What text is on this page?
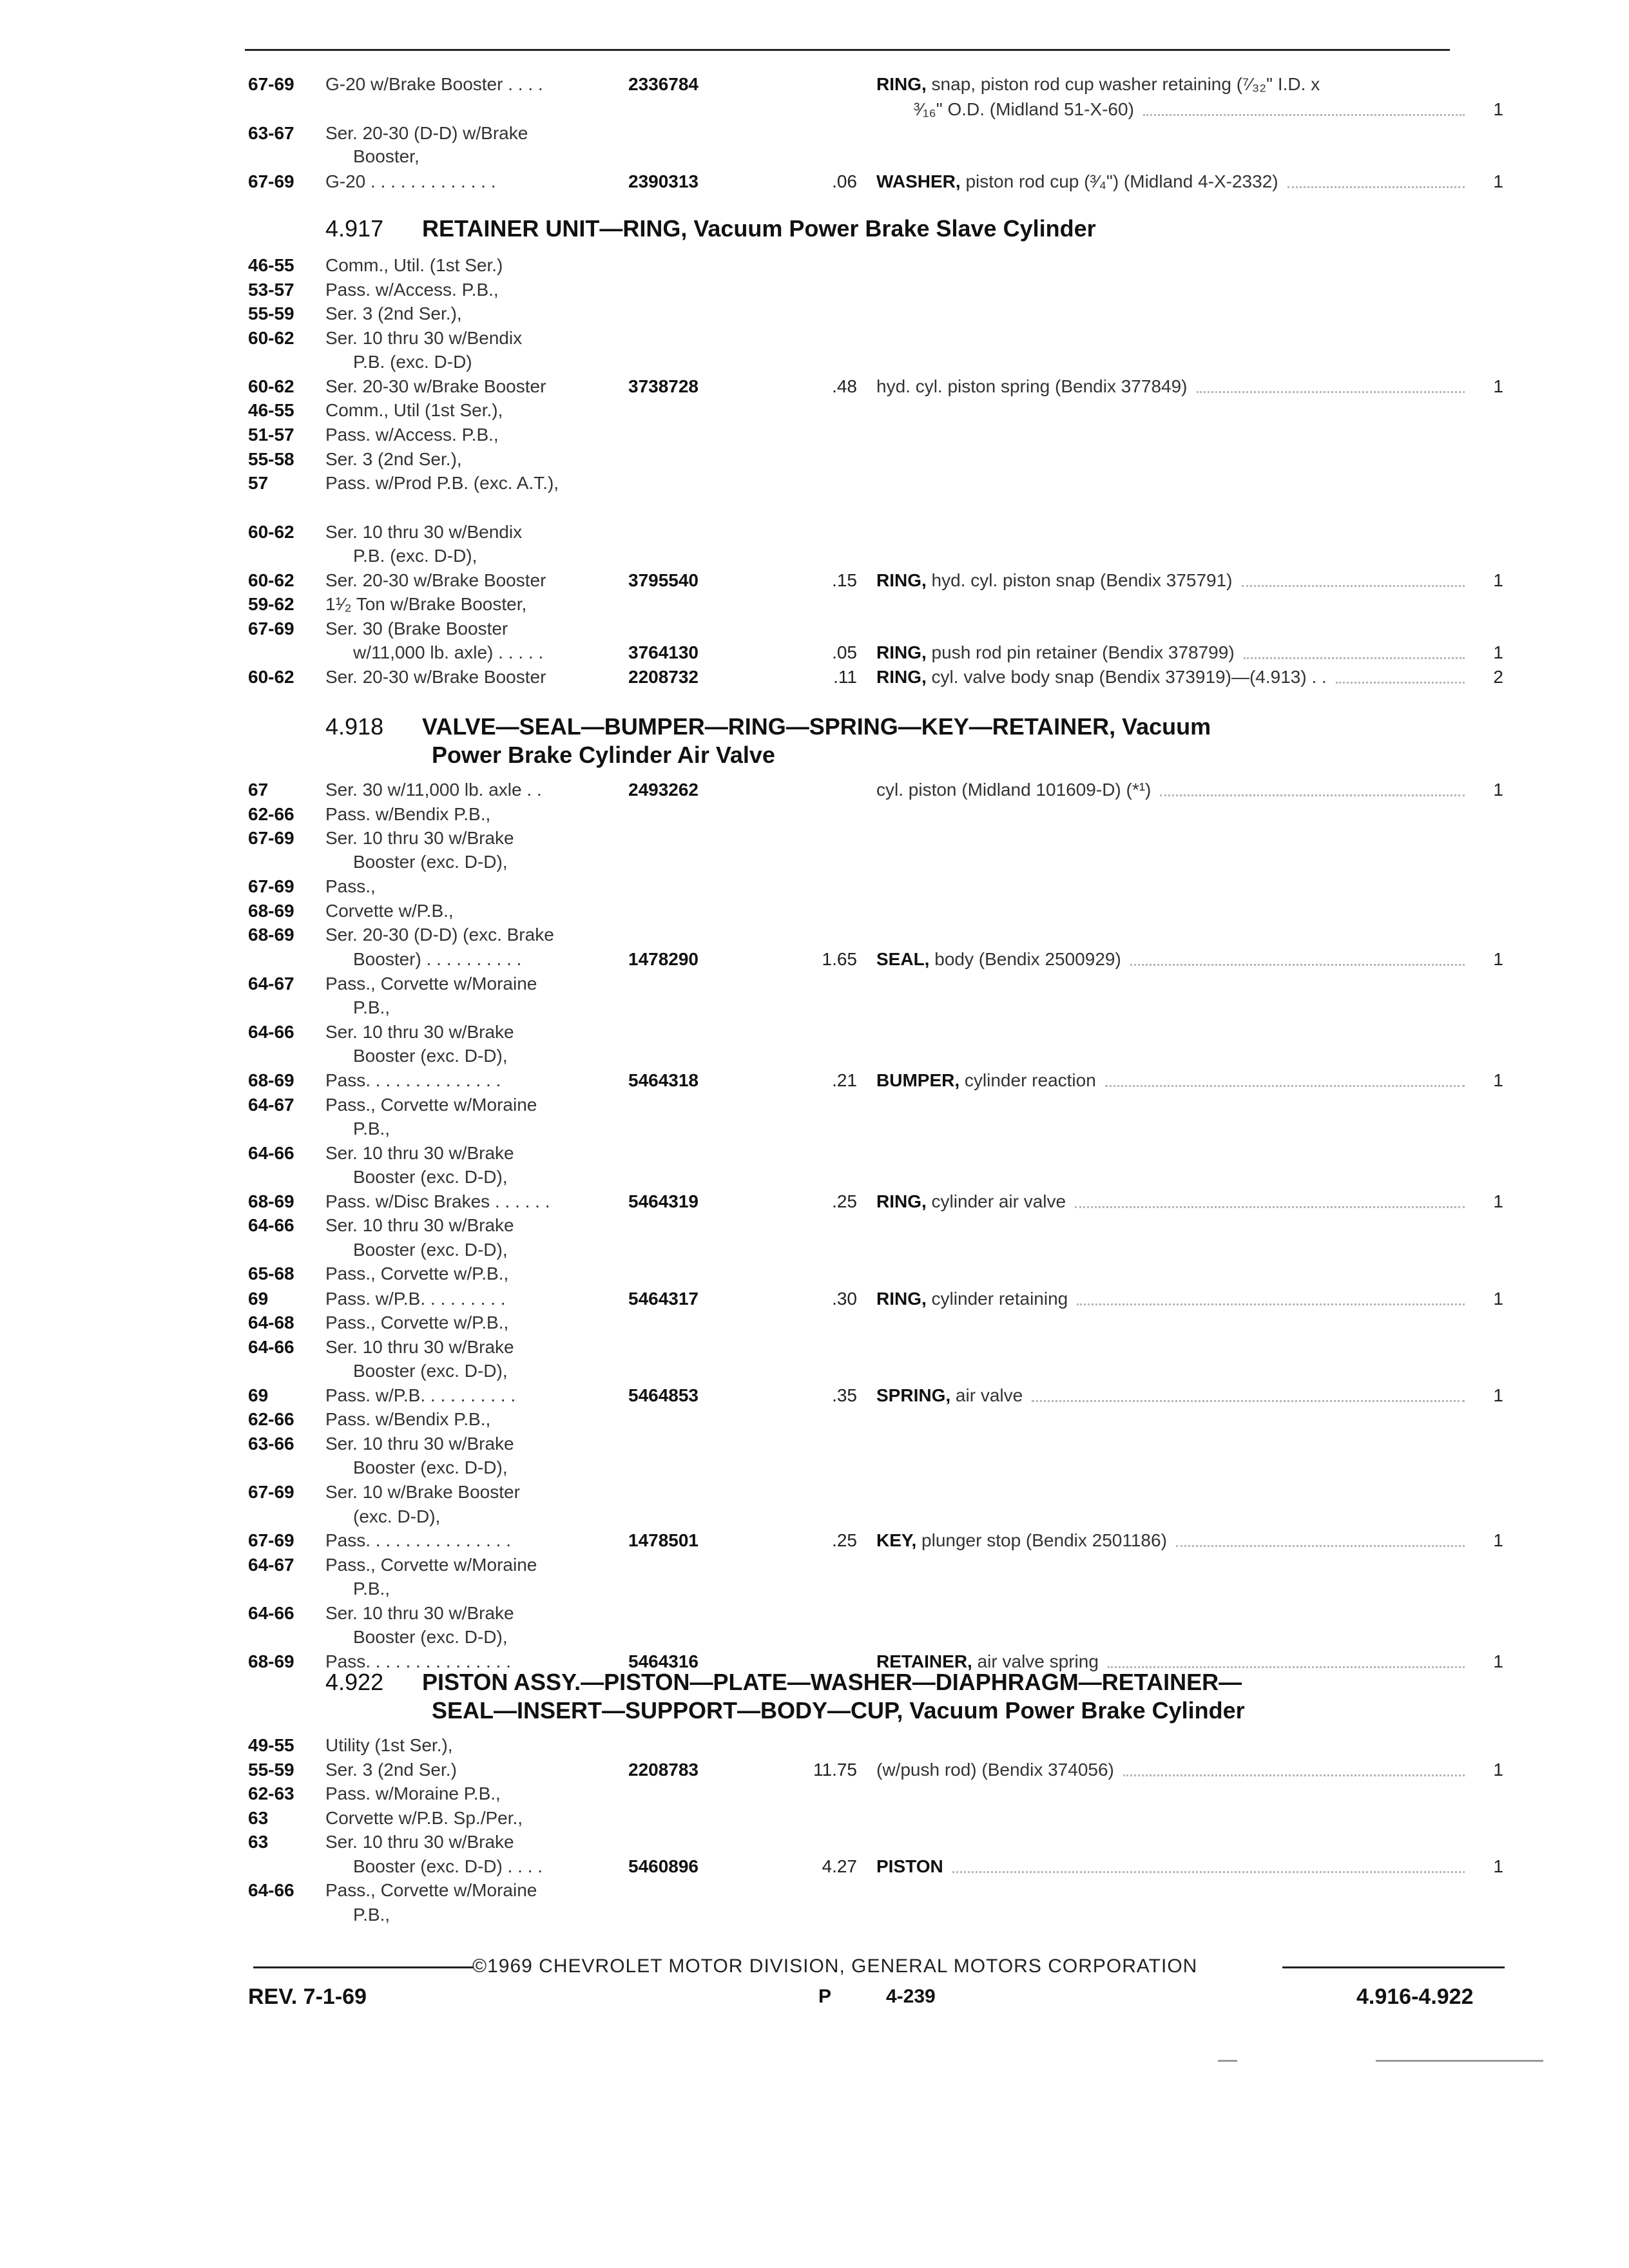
67-69 G-20 w/Brake Booster . . . .	2336784	RING, snap, piston rod cup washer retaining (⁷⁄₃₂" I.D. x
³⁄₁₆" O.D. (Midland 51-X-60)	1
63-67 Ser. 20-30 (D-D) w/Brake
Booster,
67-69 G-20 . . . . . . . . . . . . .	2390313	.06 WASHER, piston rod cup (³⁄₄") (Midland 4-X-2332)	1
46-55 Comm., Util. (1st Ser.)
53-57 Pass. w/Access. P.B.,
55-59 Ser. 3 (2nd Ser.),
60-62 Ser. 10 thru 30 w/Bendix
P.B. (exc. D-D)
60-62 Ser. 20-30 w/Brake Booster	3738728	.48 hyd. cyl. piston spring (Bendix 377849)	1
46-55 Comm., Util (1st Ser.),
51-57 Pass. w/Access. P.B.,
55-58 Ser. 3 (2nd Ser.),
57	Pass. w/Prod P.B. (exc. A.T.),
60-62 Ser. 10 thru 30 w/Bendix
P.B. (exc. D-D),
60-62 Ser. 20-30 w/Brake Booster	3795540	.15 RING, hyd. cyl. piston snap (Bendix 375791)	1
59-62 1¹⁄₂ Ton w/Brake Booster,
67-69 Ser. 30 (Brake Booster
w/11,000 lb. axle) . . . . .	3764130	.05 RING, push rod pin retainer (Bendix 378799)	1
60-62 Ser. 20-30 w/Brake Booster	2208732	.11 RING, cyl. valve body snap (Bendix 373919)—(4.913) . .	2
67	Ser. 30 w/11,000 lb. axle . .	2493262	cyl. piston (Midland 101609-D) (*¹)	1
62-66 Pass. w/Bendix P.B.,
67-69 Ser. 10 thru 30 w/Brake
Booster (exc. D-D),
67-69 Pass.,
68-69 Corvette w/P.B.,
68-69 Ser. 20-30 (D-D) (exc. Brake
Booster) . . . . . . . . . .	1478290	1.65 SEAL, body (Bendix 2500929)	1
64-67 Pass., Corvette w/Moraine
P.B.,
64-66 Ser. 10 thru 30 w/Brake
Booster (exc. D-D),
68-69 Pass. . . . . . . . . . . . . .	5464318	.21 BUMPER, cylinder reaction	1
64-67 Pass., Corvette w/Moraine
P.B.,
64-66 Ser. 10 thru 30 w/Brake
Booster (exc. D-D),
68-69 Pass. w/Disc Brakes . . . . . .	5464319	.25 RING, cylinder air valve	1
64-66 Ser. 10 thru 30 w/Brake
Booster (exc. D-D),
65-68 Pass., Corvette w/P.B.,
69	Pass. w/P.B. . . . . . . . .	5464317	.30 RING, cylinder retaining	1
64-68 Pass., Corvette w/P.B.,
64-66 Ser. 10 thru 30 w/Brake
Booster (exc. D-D),
69	Pass. w/P.B. . . . . . . . . .	5464853	.35 SPRING, air valve	1
62-66 Pass. w/Bendix P.B.,
63-66 Ser. 10 thru 30 w/Brake
Booster (exc. D-D),
67-69 Ser. 10 w/Brake Booster
(exc. D-D),
67-69 Pass. . . . . . . . . . . . . . .	1478501	.25 KEY, plunger stop (Bendix 2501186)	1
64-67 Pass., Corvette w/Moraine
P.B.,
64-66 Ser. 10 thru 30 w/Brake
Booster (exc. D-D),
68-69 Pass. . . . . . . . . . . . . . .	5464316	RETAINER, air valve spring	1
49-55 Utility (1st Ser.),
55-59 Ser. 3 (2nd Ser.)	2208783	11.75 (w/push rod) (Bendix 374056)	1
62-63 Pass. w/Moraine P.B.,
63	Corvette w/P.B. Sp./Per.,
63	Ser. 10 thru 30 w/Brake
Booster (exc. D-D) . . . .	5460896	4.27 PISTON	1
64-66 Pass., Corvette w/Moraine
P.B.,
4.917 RETAINER UNIT—RING, Vacuum Power Brake Slave Cylinder
4.918 VALVE—SEAL—BUMPER—RING—SPRING—KEY—RETAINER, Vacuum
Power Brake Cylinder Air Valve
4.922 PISTON ASSY.—PISTON—PLATE—WASHER—DIAPHRAGM—RETAINER—
SEAL—INSERT—SUPPORT—BODY—CUP, Vacuum Power Brake Cylinder
©1969 CHEVROLET MOTOR DIVISION, GENERAL MOTORS CORPORATION
REV. 7-1-69	P	4-239	4.916-4.922
